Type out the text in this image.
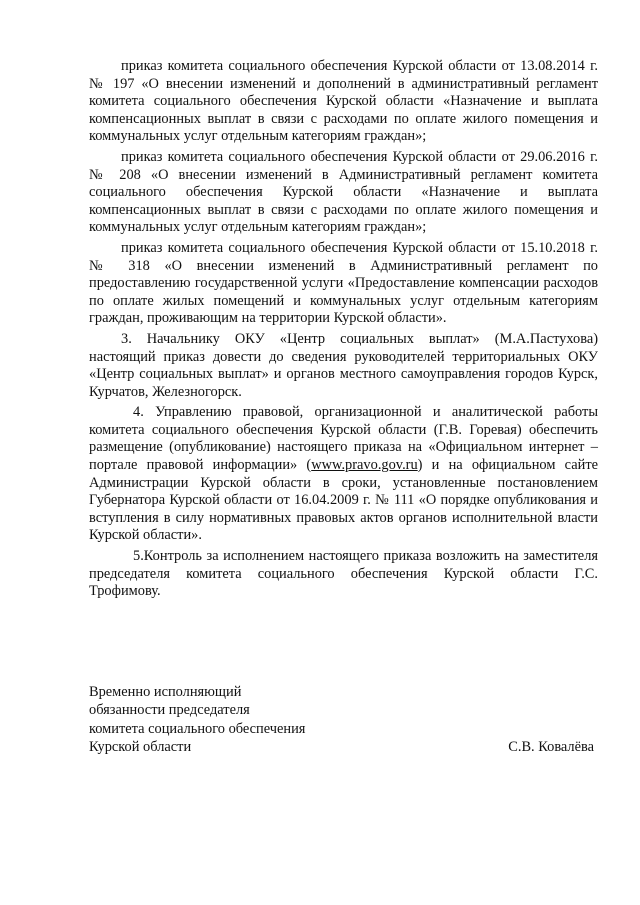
приказ комитета социального обеспечения Курской области от 13.08.2014 г. № 197 «О внесении изменений и дополнений в административный регламент комитета социального обеспечения Курской области «Назначение и выплата компенсационных выплат в связи с расходами по оплате жилого помещения и коммунальных услуг отдельным категориям граждан»;

приказ комитета социального обеспечения Курской области от 29.06.2016 г. № 208 «О внесении изменений в Административный регламент комитета социального обеспечения Курской области «Назначение и выплата компенсационных выплат в связи с расходами по оплате жилого помещения и коммунальных услуг отдельным категориям граждан»;

приказ комитета социального обеспечения Курской области от 15.10.2018 г. № 318 «О внесении изменений в Административный регламент по предоставлению государственной услуги «Предоставление компенсации расходов по оплате жилых помещений и коммунальных услуг отдельным категориям граждан, проживающим на территории Курской области».

3. Начальнику ОКУ «Центр социальных выплат» (М.А.Пастухова) настоящий приказ довести до сведения руководителей территориальных ОКУ «Центр социальных выплат» и органов местного самоуправления городов Курск, Курчатов, Железногорск.

4. Управлению правовой, организационной и аналитической работы комитета социального обеспечения Курской области (Г.В. Горевая) обеспечить размещение (опубликование) настоящего приказа на «Официальном интернет – портале правовой информации» (www.pravo.gov.ru) и на официальном сайте Администрации Курской области в сроки, установленные постановлением Губернатора Курской области от 16.04.2009 г. № 111 «О порядке опубликования и вступления в силу нормативных правовых актов органов исполнительной власти Курской области».

5.Контроль за исполнением настоящего приказа возложить на заместителя председателя комитета социального обеспечения Курской области Г.С. Трофимову.

Временно исполняющий
обязанности председателя
комитета социального обеспечения
Курской области	С.В. Ковалёва
